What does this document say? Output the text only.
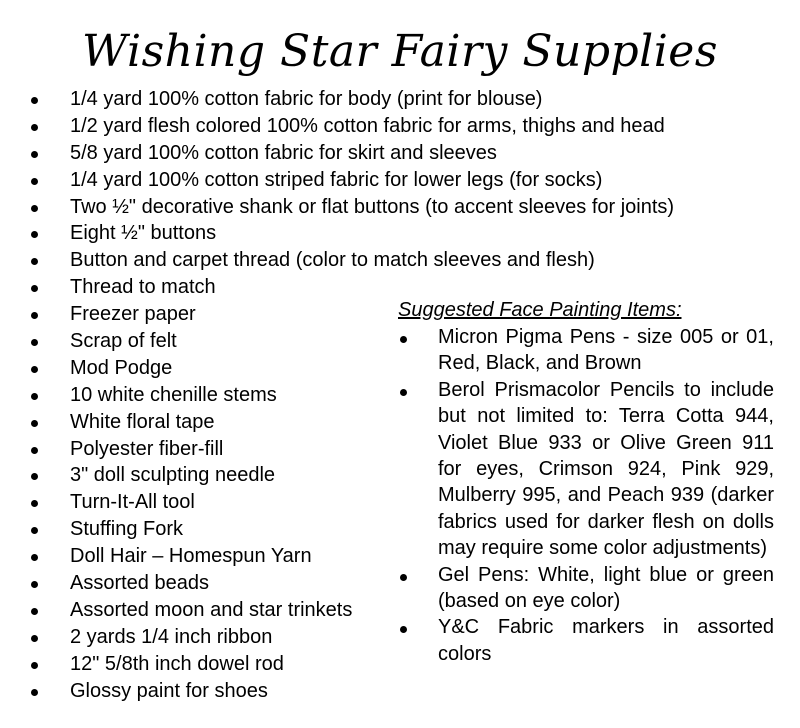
Wishing Star Fairy Supplies
1/4 yard 100% cotton fabric for body (print for blouse)
1/2 yard flesh colored 100% cotton fabric for arms, thighs and head
5/8 yard 100% cotton fabric for skirt and sleeves
1/4 yard 100% cotton striped fabric for lower legs (for socks)
Two ½" decorative shank or flat buttons (to accent sleeves for joints)
Eight ½" buttons
Button and carpet thread (color to match sleeves and flesh)
Thread to match
Freezer paper
Scrap of felt
Mod Podge
10 white chenille stems
White floral tape
Polyester fiber-fill
3" doll sculpting needle
Turn-It-All tool
Stuffing Fork
Doll Hair – Homespun Yarn
Assorted beads
Assorted moon and star trinkets
2 yards 1/4 inch ribbon
12" 5/8th inch dowel rod
Glossy paint for shoes
Suggested Face Painting Items:
Micron Pigma Pens - size 005 or 01, Red, Black, and Brown
Berol Prismacolor Pencils to include but not limited to: Terra Cotta 944, Violet Blue 933 or Olive Green 911 for eyes, Crimson 924, Pink 929, Mulberry 995, and Peach 939 (darker fabrics used for darker flesh on dolls may require some color adjustments)
Gel Pens: White, light blue or green (based on eye color)
Y&C Fabric markers in assorted colors
